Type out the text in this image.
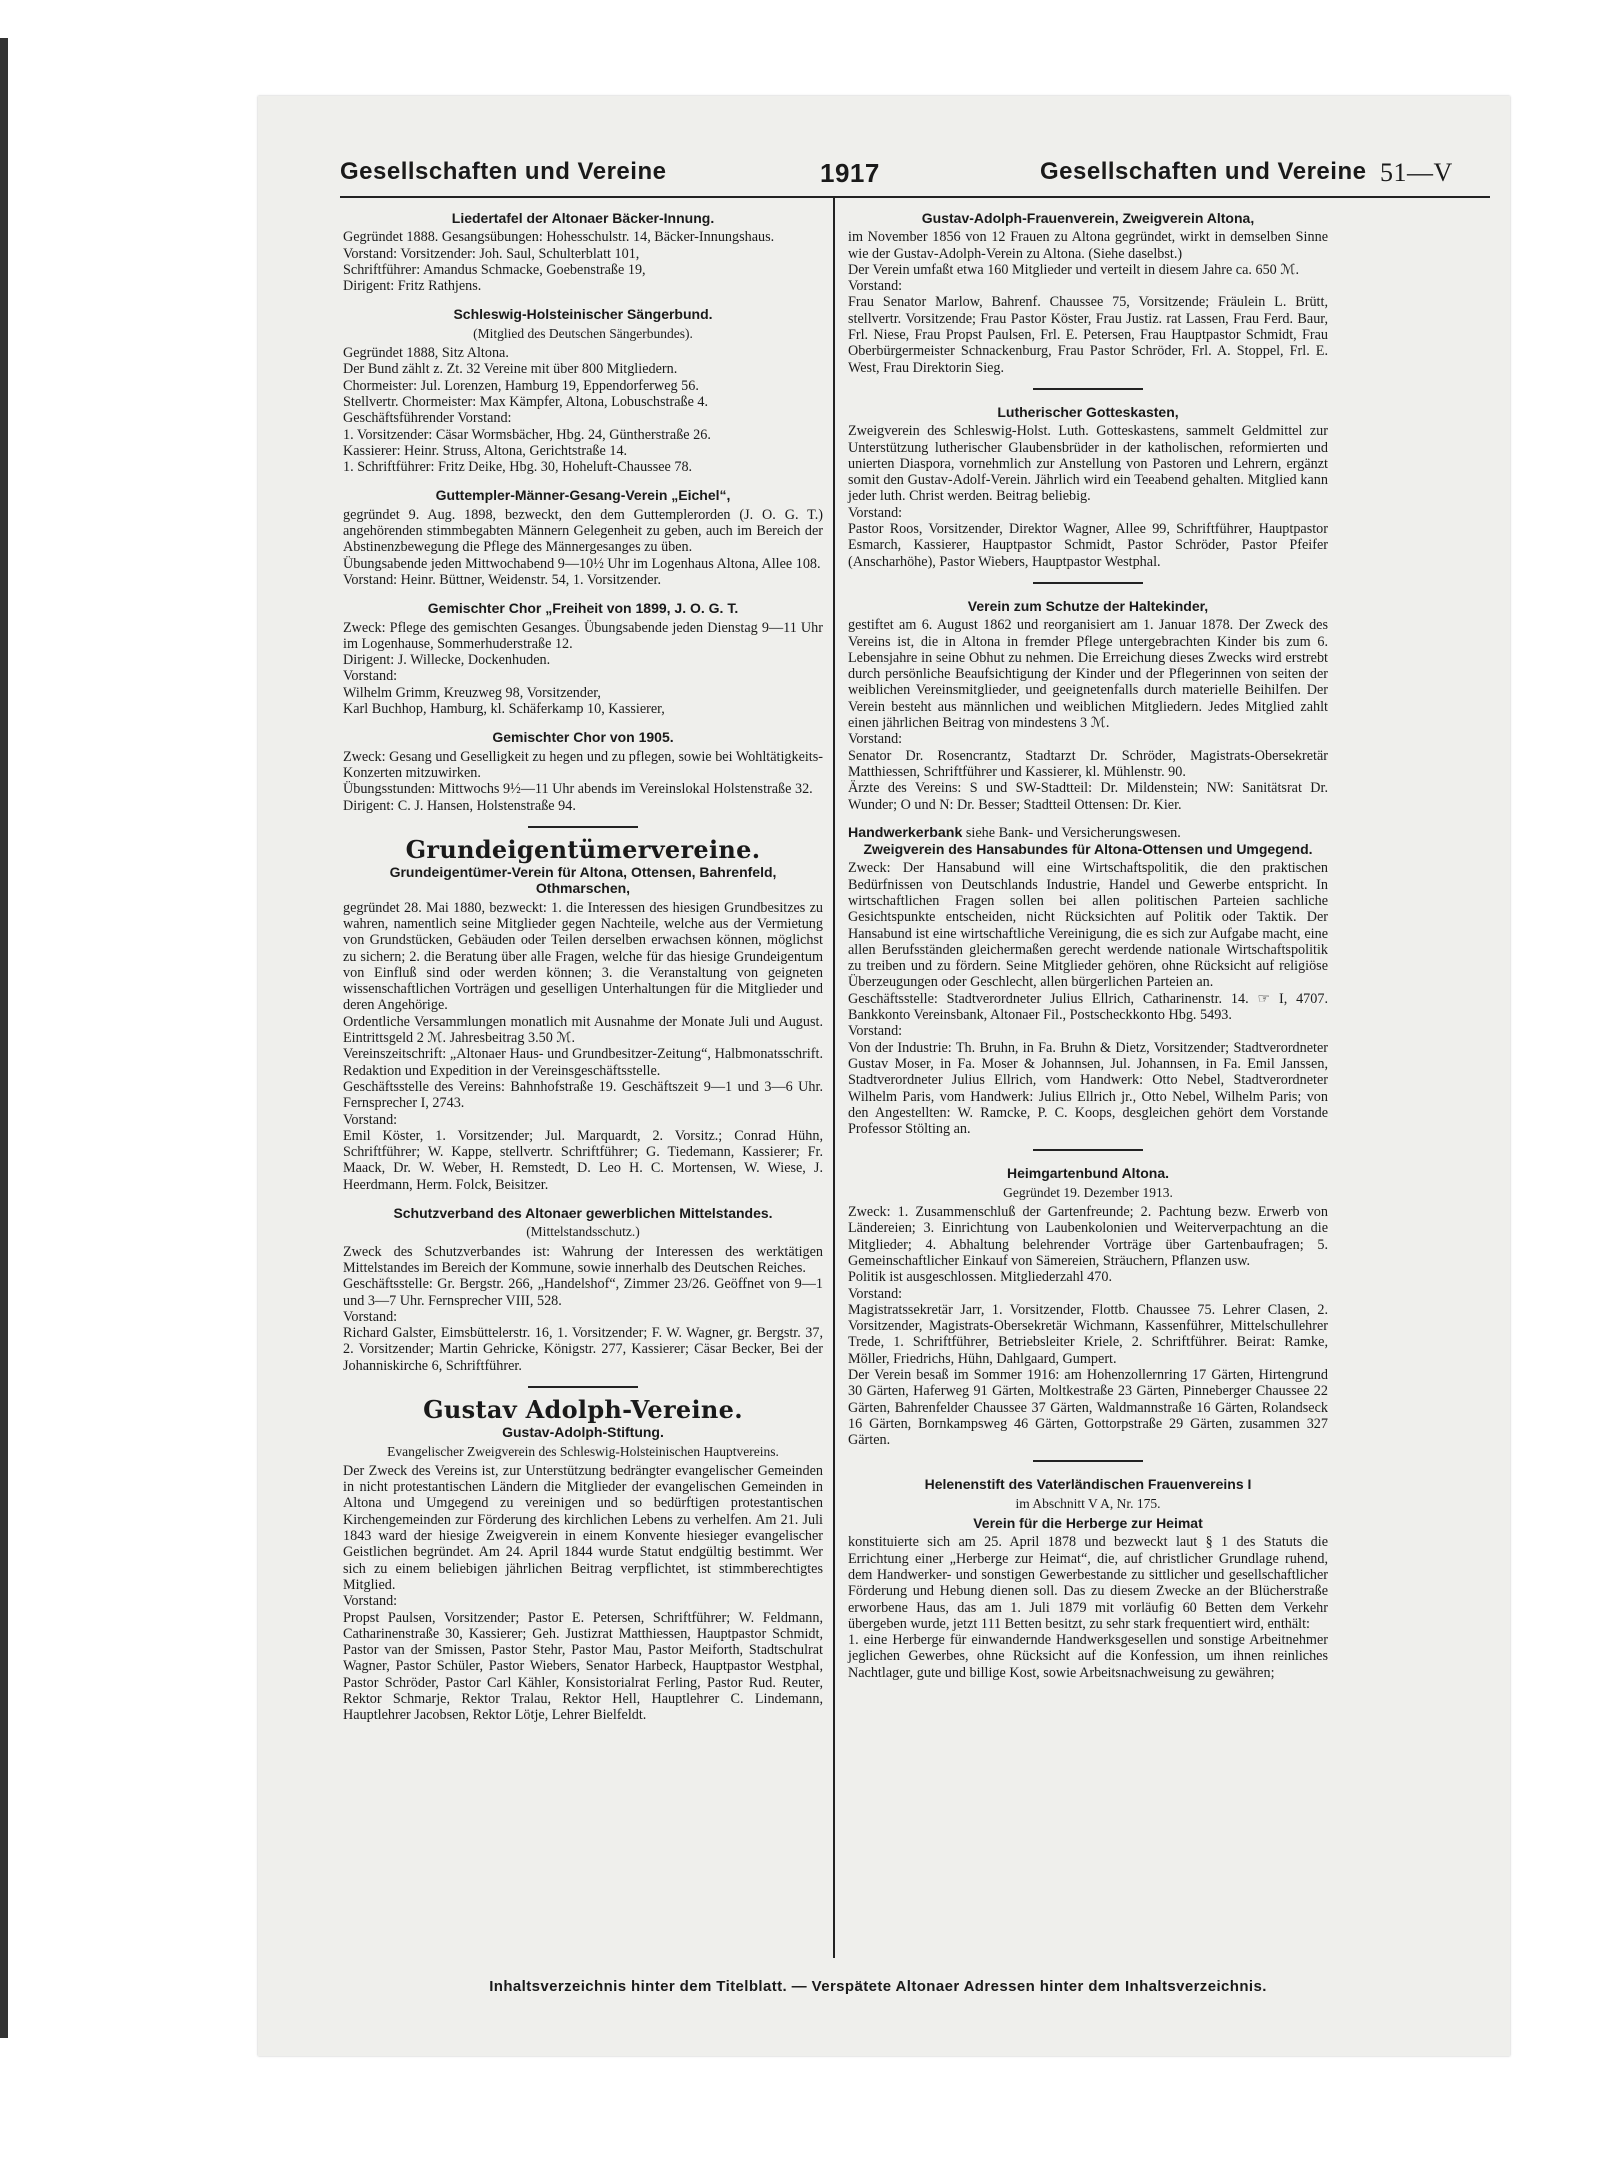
Gesellschaften und Vereine	1917	Gesellschaften und Vereine 51—V
Liedertafel der Altonaer Bäcker-Innung.

Gegründet 1888. Gesangsübungen: Hohesschulstr. 14, Bäcker-Innungshaus.

Vorstand: Vorsitzender: Joh. Saul, Schulterblatt 101,

Schriftführer: Amandus Schmacke, Goebenstraße 19,

Dirigent: Fritz Rathjens.

Schleswig-Holsteinischer Sängerbund.
(Mitglied des Deutschen Sängerbundes).

Gegründet 1888, Sitz Altona.

Der Bund zählt z. Zt. 32 Vereine mit über 800 Mitgliedern.

Chormeister: Jul. Lorenzen, Hamburg 19, Eppendorferweg 56.

Stellvertr. Chormeister: Max Kämpfer, Altona, Lobuschstraße 4.

Geschäftsführender Vorstand:

1. Vorsitzender: Cäsar Wormsbächer, Hbg. 24, Güntherstraße 26.

Kassierer: Heinr. Struss, Altona, Gerichtstraße 14.

1. Schriftführer: Fritz Deike, Hbg. 30, Hoheluft-Chaussee 78.

Guttempler-Männer-Gesang-Verein „Eichel“,

gegründet 9. Aug. 1898, bezweckt, den dem Guttemplerorden (J. O. G. T.) angehörenden stimmbegabten Männern Gelegenheit zu geben, auch im Bereich der Abstinenzbewegung die Pflege des Männergesanges zu üben.

Übungsabende jeden Mittwochabend 9—10½ Uhr im Logenhaus Altona, Allee 108.

Vorstand: Heinr. Büttner, Weidenstr. 54, 1. Vorsitzender.

Gemischter Chor „Freiheit von 1899, J. O. G. T.

Zweck: Pflege des gemischten Gesanges. Übungsabende jeden Dienstag 9—11 Uhr im Logenhause, Sommerhuderstraße 12.

Dirigent: J. Willecke, Dockenhuden.

Vorstand:

Wilhelm Grimm, Kreuzweg 98, Vorsitzender,

Karl Buchhop, Hamburg, kl. Schäferkamp 10, Kassierer,

Gemischter Chor von 1905.

Zweck: Gesang und Geselligkeit zu hegen und zu pflegen, sowie bei Wohltätigkeits-Konzerten mitzuwirken.

Übungsstunden: Mittwochs 9½—11 Uhr abends im Vereinslokal Holstenstraße 32.

Dirigent: C. J. Hansen, Holstenstraße 94.

Grundeigentümervereine.
Grundeigentümer-Verein für Altona, Ottensen, Bahrenfeld, Othmarschen,

gegründet 28. Mai 1880, bezweckt: 1. die Interessen des hiesigen Grundbesitzes zu wahren, namentlich seine Mitglieder gegen Nachteile, welche aus der Vermietung von Grundstücken, Gebäuden oder Teilen derselben erwachsen können, möglichst zu sichern; 2. die Beratung über alle Fragen, welche für das hiesige Grundeigentum von Einfluß sind oder werden können; 3. die Veranstaltung von geigneten wissenschaftlichen Vorträgen und geselligen Unterhaltungen für die Mitglieder und deren Angehörige.

Ordentliche Versammlungen monatlich mit Ausnahme der Monate Juli und August. Eintrittsgeld 2 ℳ. Jahresbeitrag 3.50 ℳ.

Vereinszeitschrift: „Altonaer Haus- und Grundbesitzer-Zeitung“, Halbmonatsschrift. Redaktion und Expedition in der Vereinsgeschäftsstelle.

Geschäftsstelle des Vereins: Bahnhofstraße 19. Geschäftszeit 9—1 und 3—6 Uhr. Fernsprecher I, 2743.

Vorstand:

Emil Köster, 1. Vorsitzender; Jul. Marquardt, 2. Vorsitz.; Conrad Hühn, Schriftführer; W. Kappe, stellvertr. Schriftführer; G. Tiedemann, Kassierer; Fr. Maack, Dr. W. Weber, H. Remstedt, D. Leo H. C. Mortensen, W. Wiese, J. Heerdmann, Herm. Folck, Beisitzer.

Schutzverband des Altonaer gewerblichen Mittelstandes.
(Mittelstandsschutz.)

Zweck des Schutzverbandes ist: Wahrung der Interessen des werktätigen Mittelstandes im Bereich der Kommune, sowie innerhalb des Deutschen Reiches.

Geschäftsstelle: Gr. Bergstr. 266, „Handelshof“, Zimmer 23/26. Geöffnet von 9—1 und 3—7 Uhr. Fernsprecher VIII, 528.

Vorstand:

Richard Galster, Eimsbüttelerstr. 16, 1. Vorsitzender; F. W. Wagner, gr. Bergstr. 37, 2. Vorsitzender; Martin Gehricke, Königstr. 277, Kassierer; Cäsar Becker, Bei der Johanniskirche 6, Schriftführer.

Gustav Adolph-Vereine.
Gustav-Adolph-Stiftung.
Evangelischer Zweigverein des Schleswig-Holsteinischen Hauptvereins.

Der Zweck des Vereins ist, zur Unterstützung bedrängter evangelischer Gemeinden in nicht protestantischen Ländern die Mitglieder der evangelischen Gemeinden in Altona und Umgegend zu vereinigen und so bedürftigen protestantischen Kirchengemeinden zur Förderung des kirchlichen Lebens zu verhelfen. Am 21. Juli 1843 ward der hiesige Zweigverein in einem Konvente hiesieger evangelischer Geistlichen begründet. Am 24. April 1844 wurde Statut endgültig bestimmt. Wer sich zu einem beliebigen jährlichen Beitrag verpflichtet, ist stimmberechtigtes Mitglied.

Vorstand:

Propst Paulsen, Vorsitzender; Pastor E. Petersen, Schriftführer; W. Feldmann, Catharinenstraße 30, Kassierer; Geh. Justizrat Matthiessen, Hauptpastor Schmidt, Pastor van der Smissen, Pastor Stehr, Pastor Mau, Pastor Meiforth, Stadtschulrat Wagner, Pastor Schüler, Pastor Wiebers, Senator Harbeck, Hauptpastor Westphal, Pastor Schröder, Pastor Carl Kähler, Konsistorialrat Ferling, Pastor Rud. Reuter, Rektor Schmarje, Rektor Tralau, Rektor Hell, Hauptlehrer C. Lindemann, Hauptlehrer Jacobsen, Rektor Lötje, Lehrer Bielfeldt.

Gustav-Adolph-Frauenverein, Zweigverein Altona,

im November 1856 von 12 Frauen zu Altona gegründet, wirkt in demselben Sinne wie der Gustav-Adolph-Verein zu Altona. (Siehe daselbst.)

Der Verein umfaßt etwa 160 Mitglieder und verteilt in diesem Jahre ca. 650 ℳ.

Vorstand:

Frau Senator Marlow, Bahrenf. Chaussee 75, Vorsitzende; Fräulein L. Brütt, stellvertr. Vorsitzende; Frau Pastor Köster, Frau Justiz. rat Lassen, Frau Ferd. Baur, Frl. Niese, Frau Propst Paulsen, Frl. E. Petersen, Frau Hauptpastor Schmidt, Frau Oberbürgermeister Schnackenburg, Frau Pastor Schröder, Frl. A. Stoppel, Frl. E. West, Frau Direktorin Sieg.

Lutherischer Gotteskasten,

Zweigverein des Schleswig-Holst. Luth. Gotteskastens, sammelt Geldmittel zur Unterstützung lutherischer Glaubensbrüder in der katholischen, reformierten und unierten Diaspora, vornehmlich zur Anstellung von Pastoren und Lehrern, ergänzt somit den Gustav-Adolf-Verein. Jährlich wird ein Teeabend gehalten. Mitglied kann jeder luth. Christ werden. Beitrag beliebig.

Vorstand:

Pastor Roos, Vorsitzender, Direktor Wagner, Allee 99, Schriftführer, Hauptpastor Esmarch, Kassierer, Hauptpastor Schmidt, Pastor Schröder, Pastor Pfeifer (Anscharhöhe), Pastor Wiebers, Hauptpastor Westphal.

Verein zum Schutze der Haltekinder,

gestiftet am 6. August 1862 und reorganisiert am 1. Januar 1878. Der Zweck des Vereins ist, die in Altona in fremder Pflege untergebrachten Kinder bis zum 6. Lebensjahre in seine Obhut zu nehmen. Die Erreichung dieses Zwecks wird erstrebt durch persönliche Beaufsichtigung der Kinder und der Pflegerinnen von seiten der weiblichen Vereinsmitglieder, und geeignetenfalls durch materielle Beihilfen. Der Verein besteht aus männlichen und weiblichen Mitgliedern. Jedes Mitglied zahlt einen jährlichen Beitrag von mindestens 3 ℳ.

Vorstand:

Senator Dr. Rosencrantz, Stadtarzt Dr. Schröder, Magistrats-Obersekretär Matthiessen, Schriftführer und Kassierer, kl. Mühlenstr. 90.

Ärzte des Vereins: S und SW-Stadtteil: Dr. Mildenstein; NW: Sanitätsrat Dr. Wunder; O und N: Dr. Besser; Stadtteil Ottensen: Dr. Kier.

Handwerkerbank siehe Bank- und Versicherungswesen.

Zweigverein des Hansabundes für Altona-Ottensen und Umgegend.

Zweck: Der Hansabund will eine Wirtschaftspolitik, die den praktischen Bedürfnissen von Deutschlands Industrie, Handel und Gewerbe entspricht. In wirtschaftlichen Fragen sollen bei allen politischen Parteien sachliche Gesichtspunkte entscheiden, nicht Rücksichten auf Politik oder Taktik. Der Hansabund ist eine wirtschaftliche Vereinigung, die es sich zur Aufgabe macht, eine allen Berufsständen gleichermaßen gerecht werdende nationale Wirtschaftspolitik zu treiben und zu fördern. Seine Mitglieder gehören, ohne Rücksicht auf religiöse Überzeugungen oder Geschlecht, allen bürgerlichen Parteien an.

Geschäftsstelle: Stadtverordneter Julius Ellrich, Catharinenstr. 14. ☞ I, 4707. Bankkonto Vereinsbank, Altonaer Fil., Postscheckkonto Hbg. 5493.

Vorstand:

Von der Industrie: Th. Bruhn, in Fa. Bruhn & Dietz, Vorsitzender; Stadtverordneter Gustav Moser, in Fa. Moser & Johannsen, Jul. Johannsen, in Fa. Emil Janssen, Stadtverordneter Julius Ellrich, vom Handwerk: Otto Nebel, Stadtverordneter Wilhelm Paris, vom Handwerk: Julius Ellrich jr., Otto Nebel, Wilhelm Paris; von den Angestellten: W. Ramcke, P. C. Koops, desgleichen gehört dem Vorstande Professor Stölting an.

Heimgartenbund Altona.
Gegründet 19. Dezember 1913.

Zweck: 1. Zusammenschluß der Gartenfreunde; 2. Pachtung bezw. Erwerb von Ländereien; 3. Einrichtung von Laubenkolonien und Weiterverpachtung an die Mitglieder; 4. Abhaltung belehrender Vorträge über Gartenbaufragen; 5. Gemeinschaftlicher Einkauf von Sämereien, Sträuchern, Pflanzen usw.

Politik ist ausgeschlossen. Mitgliederzahl 470.

Vorstand:

Magistratssekretär Jarr, 1. Vorsitzender, Flottb. Chaussee 75. Lehrer Clasen, 2. Vorsitzender, Magistrats-Obersekretär Wichmann, Kassenführer, Mittelschullehrer Trede, 1. Schriftführer, Betriebsleiter Kriele, 2. Schriftführer. Beirat: Ramke, Möller, Friedrichs, Hühn, Dahlgaard, Gumpert.

Der Verein besaß im Sommer 1916: am Hohenzollernring 17 Gärten, Hirtengrund 30 Gärten, Haferweg 91 Gärten, Moltkestraße 23 Gärten, Pinneberger Chaussee 22 Gärten, Bahrenfelder Chaussee 37 Gärten, Waldmannstraße 16 Gärten, Rolandseck 16 Gärten, Bornkampsweg 46 Gärten, Gottorpstraße 29 Gärten, zusammen 327 Gärten.

Helenenstift des Vaterländischen Frauenvereins I
im Abschnitt V A, Nr. 175.
Verein für die Herberge zur Heimat

konstituierte sich am 25. April 1878 und bezweckt laut § 1 des Statuts die Errichtung einer „Herberge zur Heimat“, die, auf christlicher Grundlage ruhend, dem Handwerker- und sonstigen Gewerbestande zu sittlicher und gesellschaftlicher Förderung und Hebung dienen soll. Das zu diesem Zwecke an der Blücherstraße erworbene Haus, das am 1. Juli 1879 mit vorläufig 60 Betten dem Verkehr übergeben wurde, jetzt 111 Betten besitzt, zu sehr stark frequentiert wird, enthält:

1. eine Herberge für einwandernde Handwerksgesellen und sonstige Arbeitnehmer jeglichen Gewerbes, ohne Rücksicht auf die Konfession, um ihnen reinliches Nachtlager, gute und billige Kost, sowie Arbeitsnachweisung zu gewähren;

Inhaltsverzeichnis hinter dem Titelblatt. — Verspätete Altonaer Adressen hinter dem Inhaltsverzeichnis.
